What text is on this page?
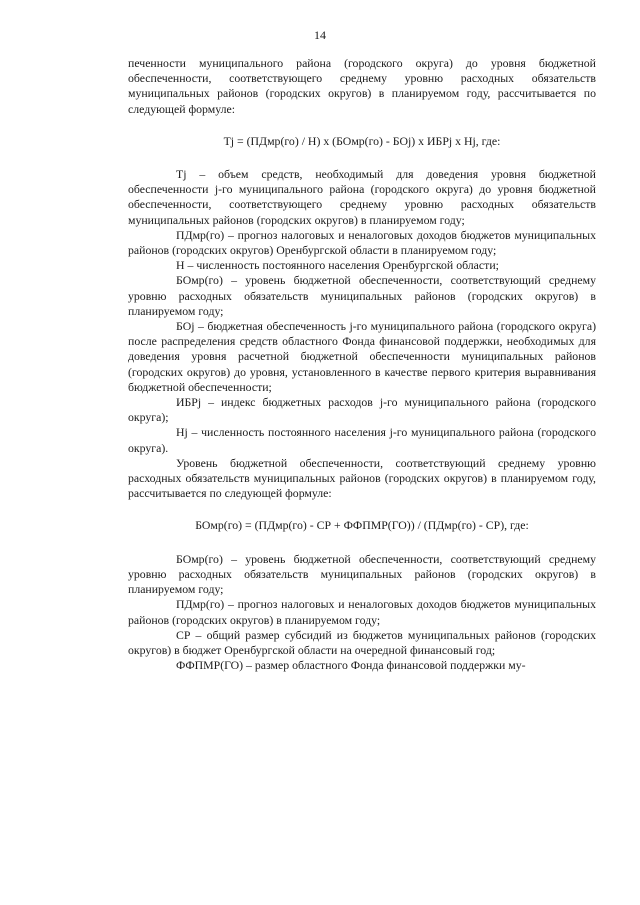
14

печенности муниципального района (городского округа) до уровня бюджетной обеспеченности, соответствующего среднему уровню расходных обязательств муниципальных районов (городских округов) в планируемом году, рассчитывается по следующей формуле:

Tj = (ПДмр(го) / Н) x (БОмр(го) - БОj) x ИБРj x Нj, где:

Tj – объем средств, необходимый для доведения уровня бюджетной обеспеченности j-го муниципального района (городского округа) до уровня бюджетной обеспеченности, соответствующего среднему уровню расходных обязательств муниципальных районов (городских округов) в планируемом году;

ПДмр(го) – прогноз налоговых и неналоговых доходов бюджетов муниципальных районов (городских округов) Оренбургской области в планируемом году;

Н – численность постоянного населения Оренбургской области;

БОмр(го) – уровень бюджетной обеспеченности, соответствующий среднему уровню расходных обязательств муниципальных районов (городских округов) в планируемом году;

БОj – бюджетная обеспеченность j-го муниципального района (городского округа) после распределения средств областного Фонда финансовой поддержки, необходимых для доведения уровня расчетной бюджетной обеспеченности муниципальных районов (городских округов) до уровня, установленного в качестве первого критерия выравнивания бюджетной обеспеченности;

ИБРj – индекс бюджетных расходов j-го муниципального района (городского округа);

Нj – численность постоянного населения j-го муниципального района (городского округа).

Уровень бюджетной обеспеченности, соответствующий среднему уровню расходных обязательств муниципальных районов (городских округов) в планируемом году, рассчитывается по следующей формуле:

БОмр(го) = (ПДмр(го) - СР + ФФПМР(ГО)) / (ПДмр(го) - СР), где:

БОмр(го) – уровень бюджетной обеспеченности, соответствующий среднему уровню расходных обязательств муниципальных районов (городских округов) в планируемом году;

ПДмр(го) – прогноз налоговых и неналоговых доходов бюджетов муниципальных районов (городских округов) в планируемом году;

СР – общий размер субсидий из бюджетов муниципальных районов (городских округов) в бюджет Оренбургской области на очередной финансовый год;

ФФПМР(ГО) – размер областного Фонда финансовой поддержки му-
